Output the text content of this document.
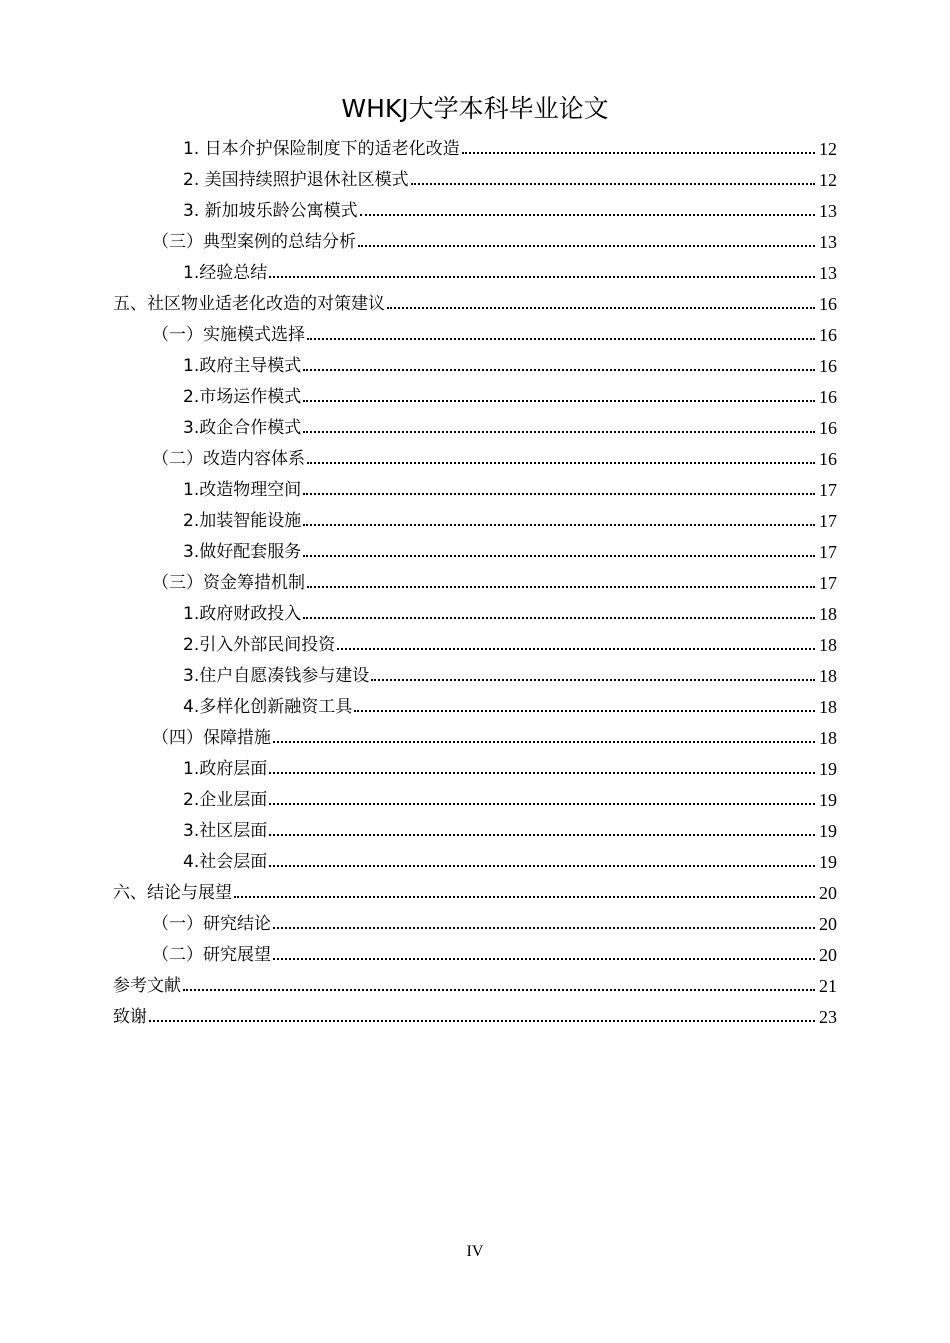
WHKJ大学本科毕业论文
1. 日本介护保险制度下的适老化改造	12
2. 美国持续照护退休社区模式	12
3. 新加坡乐龄公寓模式	13
（三）典型案例的总结分析	13
1.经验总结	13
五、社区物业适老化改造的对策建议	16
（一）实施模式选择	16
1.政府主导模式	16
2.市场运作模式	16
3.政企合作模式	16
（二）改造内容体系	16
1.改造物理空间	17
2.加装智能设施	17
3.做好配套服务	17
（三）资金筹措机制	17
1.政府财政投入	18
2.引入外部民间投资	18
3.住户自愿凑钱参与建设	18
4.多样化创新融资工具	18
（四）保障措施	18
1.政府层面	19
2.企业层面	19
3.社区层面	19
4.社会层面	19
六、结论与展望	20
（一）研究结论	20
（二）研究展望	20
参考文献	21
致谢	23
IV
